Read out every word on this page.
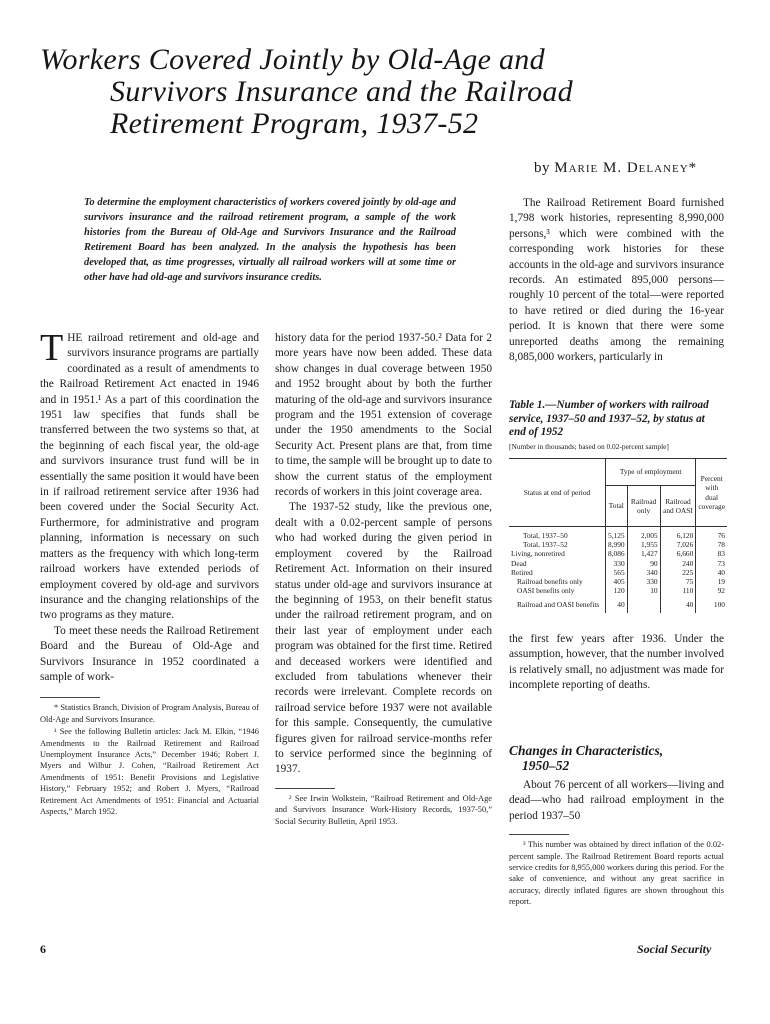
Workers Covered Jointly by Old-Age and
Survivors Insurance and the Railroad
Retirement Program, 1937-52
by Marie M. Delaney*
To determine the employment characteristics of workers covered jointly by old-age and survivors insurance and the railroad retirement program, a sample of the work histories from the Bureau of Old-Age and Survivors Insurance and the Railroad Retirement Board has been analyzed. In the analysis the hypothesis has been developed that, as time progresses, virtually all railroad workers will at some time or other have had old-age and survivors insurance credits.

THE railroad retirement and old-age and survivors insurance programs are partially coordinated as a result of amendments to the Railroad Retirement Act enacted in 1946 and in 1951.¹ As a part of this coordination the 1951 law specifies that funds shall be transferred between the two systems so that, at the beginning of each fiscal year, the old-age and survivors insurance trust fund will be in essentially the same position it would have been in if railroad retirement service after 1936 had been covered under the Social Security Act. Furthermore, for administrative and program planning, information is necessary on such matters as the frequency with which long-term railroad workers have extended periods of employment covered by old-age and survivors insurance and the changing relationships of the two programs as they mature.

To meet these needs the Railroad Retirement Board and the Bureau of Old-Age and Survivors Insurance in 1952 coordinated a sample of work-

* Statistics Branch, Division of Program Analysis, Bureau of Old-Age and Survivors Insurance.

¹ See the following Bulletin articles: Jack M. Elkin, “1946 Amendments to the Railroad Retirement and Railroad Unemployment Insurance Acts,” December 1946; Robert J. Myers and Wilbur J. Cohen, “Railroad Retirement Act Amendments of 1951: Benefit Provisions and Legislative History,” February 1952; and Robert J. Myers, “Railroad Retirement Act Amendments of 1951: Financial and Actuarial Aspects,” March 1952.

history data for the period 1937-50.² Data for 2 more years have now been added. These data show changes in dual coverage between 1950 and 1952 brought about by both the further maturing of the old-age and survivors insurance program and the 1951 extension of coverage under the 1950 amendments to the Social Security Act. Present plans are that, from time to time, the sample will be brought up to date to show the current status of the employment records of workers in this joint coverage area.

The 1937-52 study, like the previous one, dealt with a 0.02-percent sample of persons who had worked during the given period in employment covered by the Railroad Retirement Act. Information on their insured status under old-age and survivors insurance at the beginning of 1953, on their benefit status under the railroad retirement program, and on their last year of employment under each program was obtained for the first time. Retired and deceased workers were identified and excluded from tabulations whenever their records were irrelevant. Complete records on railroad service before 1937 were not available for this sample. Consequently, the cumulative figures given for railroad service-months refer to service performed since the beginning of 1937.

² See Irwin Wolkstein, “Railroad Retirement and Old-Age and Survivors Insurance Work-History Records, 1937-50,” Social Security Bulletin, April 1953.

The Railroad Retirement Board furnished 1,798 work histories, representing 8,990,000 persons,³ which were combined with the corresponding work histories for these accounts in the old-age and survivors insurance records. An estimated 895,000 persons—roughly 10 percent of the total—were reported to have retired or died during the 16-year period. It is known that there were some unreported deaths among the remaining 8,085,000 workers, particularly in

Table 1.—Number of workers with railroad service, 1937–50 and 1937–52, by status at end of 1952
[Number in thousands; based on 0.02-percent sample]
Status at end of period	Type of employment			Percent with dual coverage
	Total	Railroad only	Railroad and OASI	
Total, 1937–50	5,125	2,005	6,120	76
Total, 1937–52	8,990	1,955	7,026	78
Living, nonretired	8,086	1,427	6,660	83
Dead	330	90	240	73
Retired	565	340	225	40
Railroad benefits only	405	330	75	19
OASI benefits only	120	10	110	92
Railroad and OASI benefits	40		40	100

the first few years after 1936. Under the assumption, however, that the number involved is relatively small, no adjustment was made for incomplete reporting of deaths.

Changes in Characteristics,
1950–52

About 76 percent of all workers—living and dead—who had railroad employment in the period 1937–50

³ This number was obtained by direct inflation of the 0.02-percent sample. The Railroad Retirement Board reports actual service credits for 8,955,000 workers during this period. For the sake of convenience, and without any great sacrifice in accuracy, directly inflated figures are shown throughout this report.

6	Social Security
